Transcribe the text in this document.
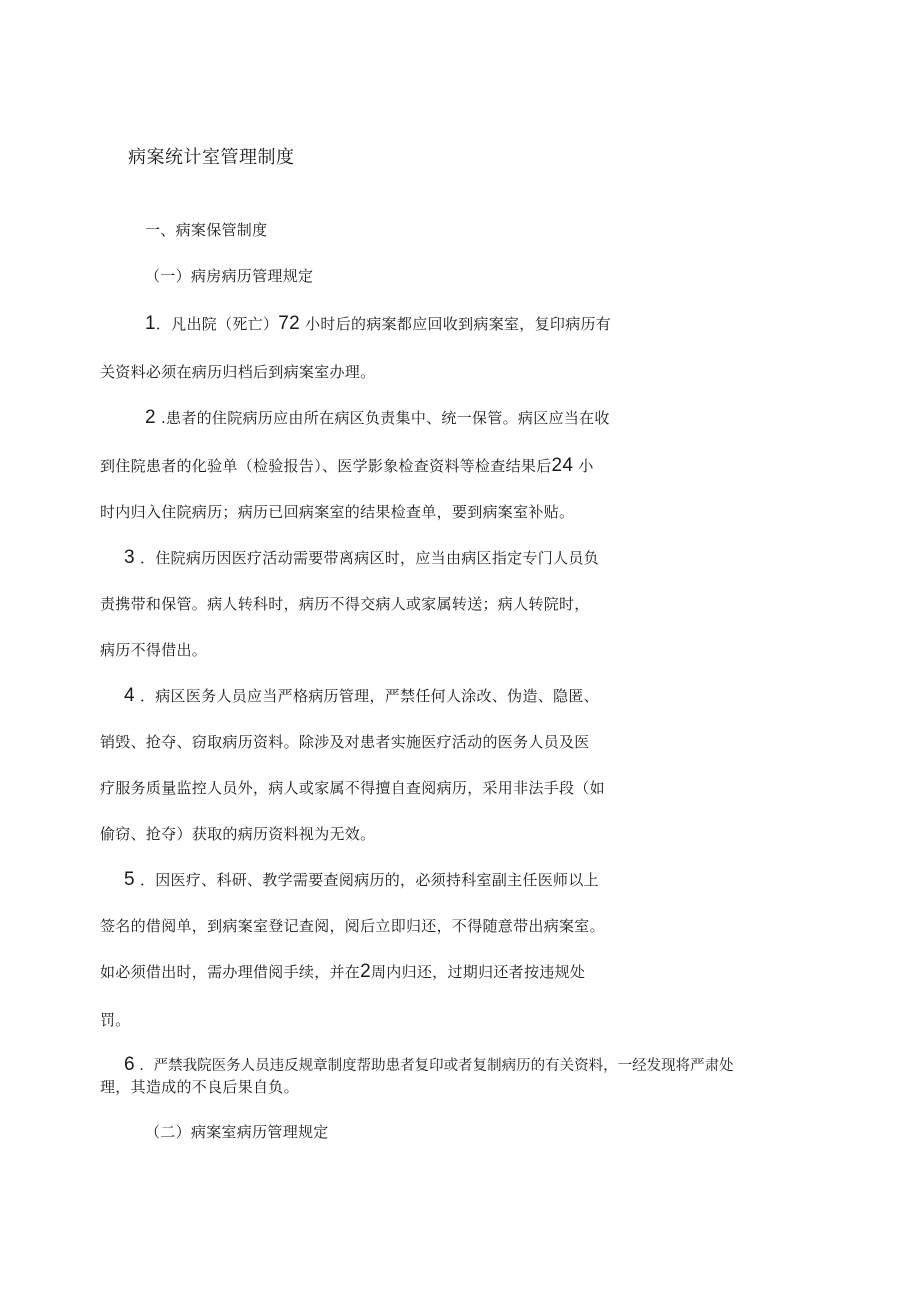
病案统计室管理制度
一、病案保管制度
（一）病房病历管理规定
1．凡出院（死亡）72 小时后的病案都应回收到病案室，复印病历有
关资料必须在病历归档后到病案室办理。
2 .患者的住院病历应由所在病区负责集中、统一保管。病区应当在收
到住院患者的化验单（检验报告）、医学影象检查资料等检查结果后24 小
时内归入住院病历；病历已回病案室的结果检查单，要到病案室补贴。
3 ．住院病历因医疗活动需要带离病区时，应当由病区指定专门人员负
责携带和保管。病人转科时，病历不得交病人或家属转送；病人转院时，
病历不得借出。
4 ．病区医务人员应当严格病历管理，严禁任何人涂改、伪造、隐匿、
销毁、抢夺、窃取病历资料。除涉及对患者实施医疗活动的医务人员及医
疗服务质量监控人员外，病人或家属不得擅自查阅病历，采用非法手段（如
偷窃、抢夺）获取的病历资料视为无效。
5 ．因医疗、科研、教学需要查阅病历的，必须持科室副主任医师以上
签名的借阅单，到病案室登记查阅，阅后立即归还，不得随意带出病案室。
如必须借出时，需办理借阅手续，并在2周内归还，过期归还者按违规处
罚。
6 ．严禁我院医务人员违反规章制度帮助患者复印或者复制病历的有关资料，一经发现将严肃处
理，其造成的不良后果自负。
（二）病案室病历管理规定
